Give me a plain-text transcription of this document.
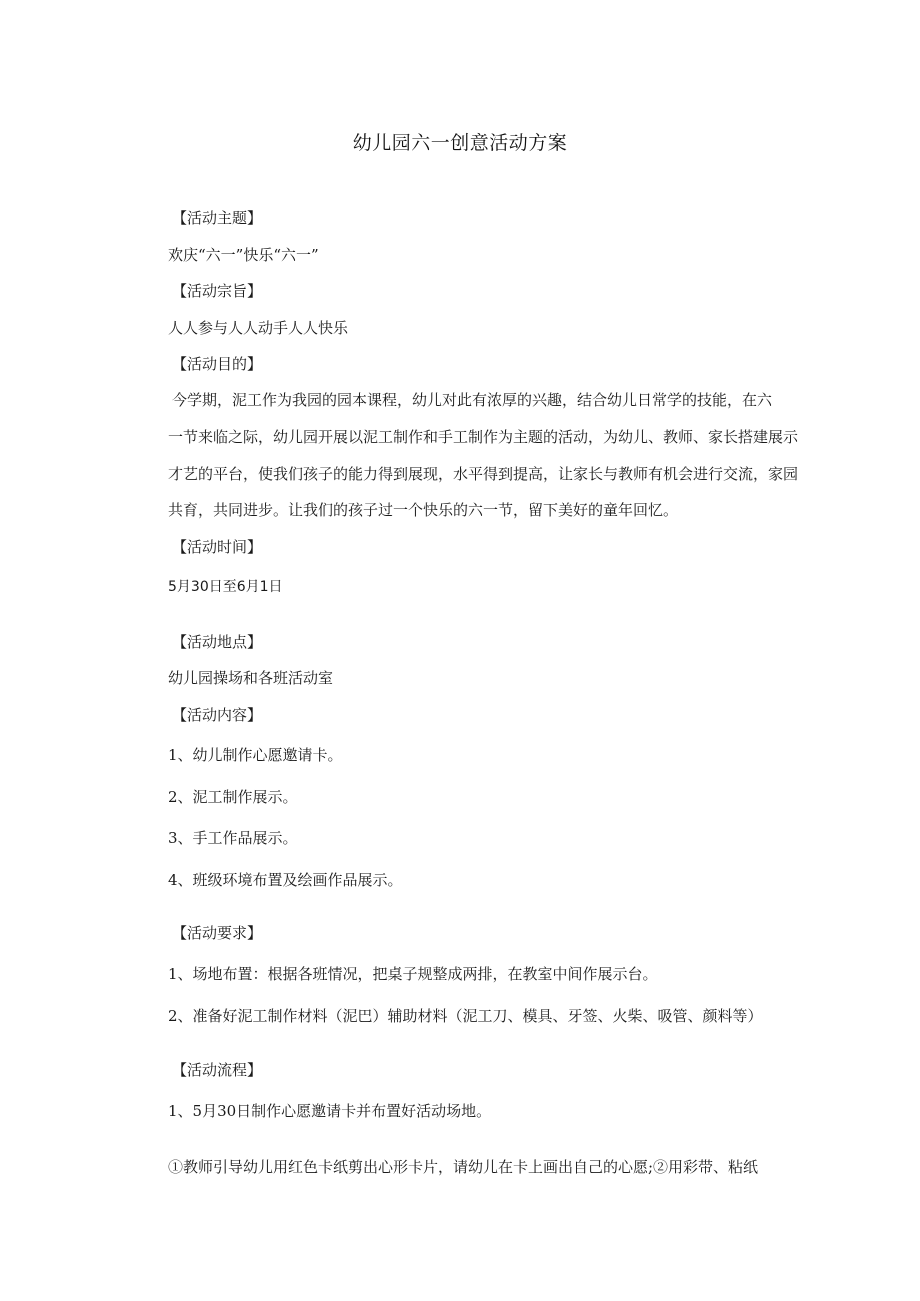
幼儿园六一创意活动方案
【活动主题】
欢庆“六一”快乐“六一”
【活动宗旨】
人人参与人人动手人人快乐
【活动目的】
今学期，泥工作为我园的园本课程，幼儿对此有浓厚的兴趣，结合幼儿日常学的技能，在六
一节来临之际，幼儿园开展以泥工制作和手工制作为主题的活动，为幼儿、教师、家长搭建展示
才艺的平台，使我们孩子的能力得到展现，水平得到提高，让家长与教师有机会进行交流，家园
共育，共同进步。让我们的孩子过一个快乐的六一节，留下美好的童年回忆。
【活动时间】
5月30日至6月1日
【活动地点】
幼儿园操场和各班活动室
【活动内容】
1、幼儿制作心愿邀请卡。
2、泥工制作展示。
3、手工作品展示。
4、班级环境布置及绘画作品展示。
【活动要求】
1、场地布置：根据各班情况，把桌子规整成两排，在教室中间作展示台。
2、准备好泥工制作材料（泥巴）辅助材料（泥工刀、模具、牙签、火柴、吸管、颜料等）
【活动流程】
1、5月30日制作心愿邀请卡并布置好活动场地。
①教师引导幼儿用红色卡纸剪出心形卡片，请幼儿在卡上画出自己的心愿;②用彩带、粘纸
